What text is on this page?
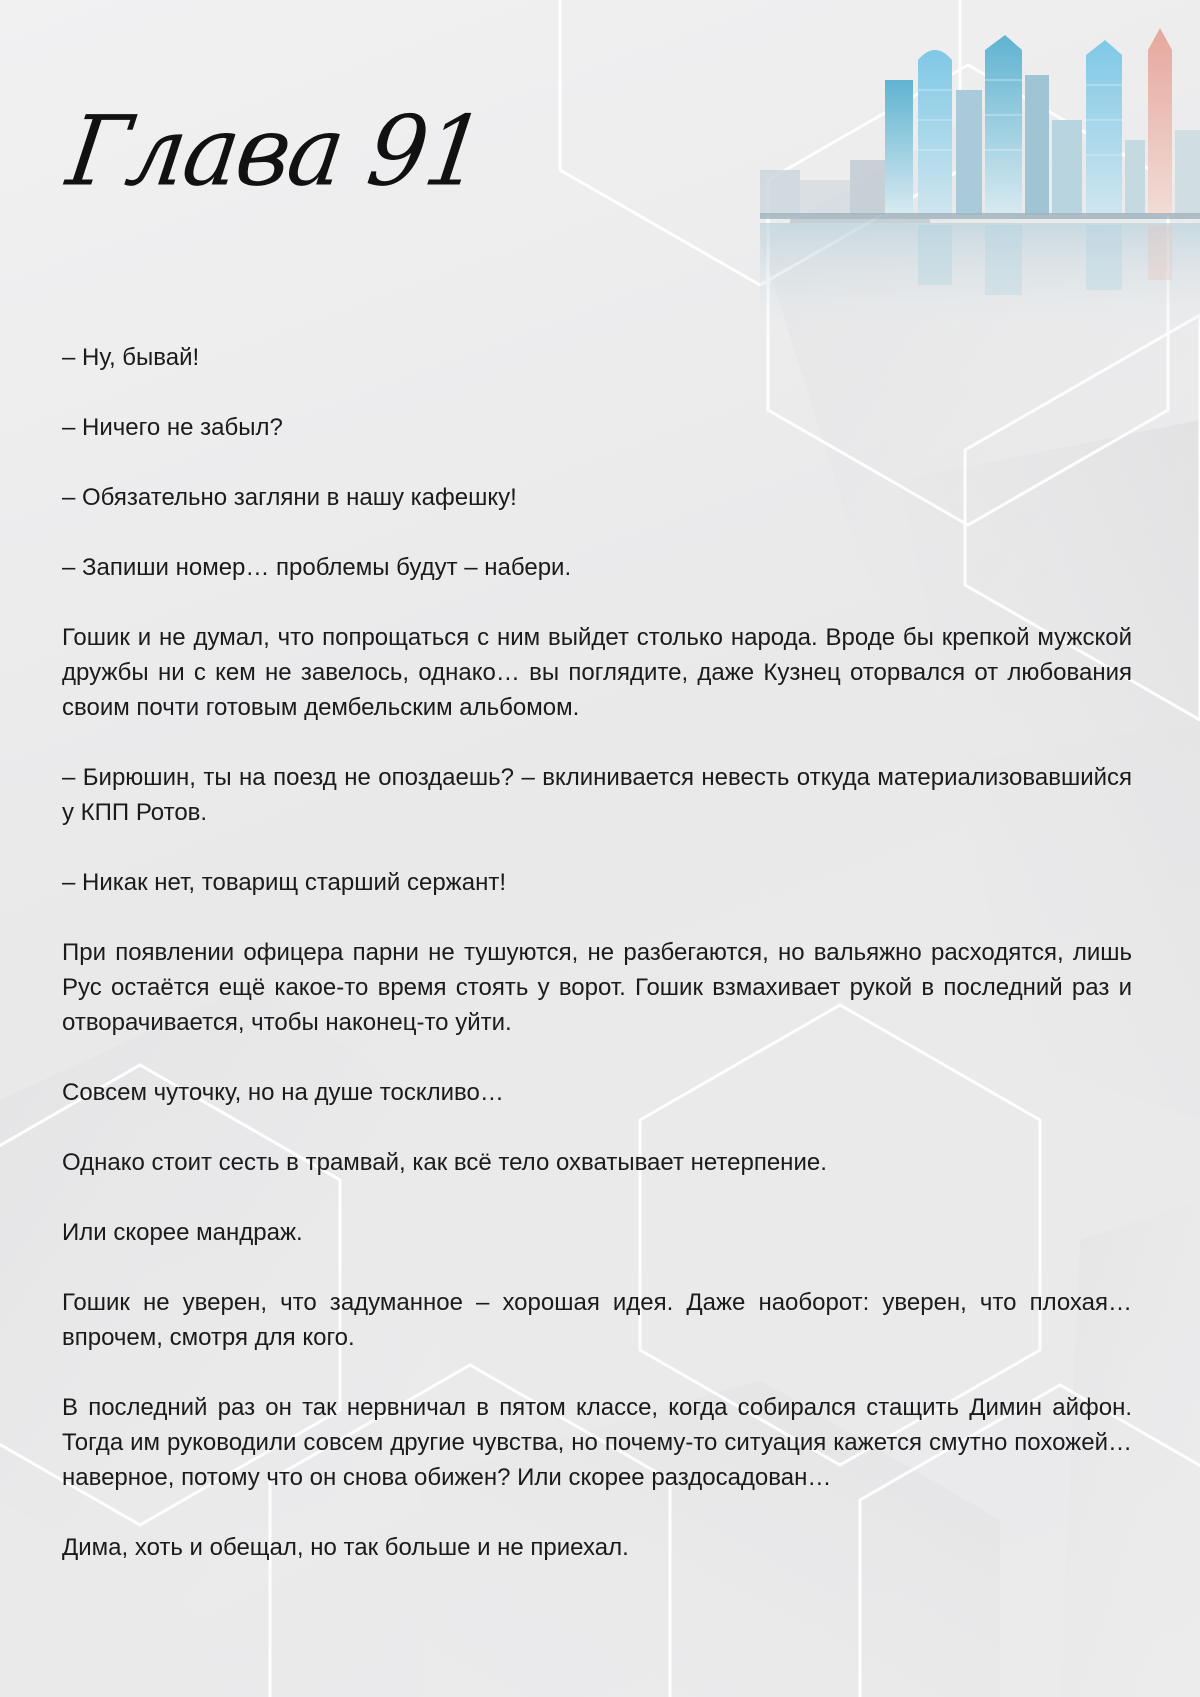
Глава 91

– Ну, бывай!

– Ничего не забыл?

– Обязательно загляни в нашу кафешку!

– Запиши номер… проблемы будут – набери.

Гошик и не думал, что попрощаться с ним выйдет столько народа. Вроде бы крепкой мужской дружбы ни с кем не завелось, однако… вы поглядите, даже Кузнец оторвался от любования своим почти готовым дембельским альбомом.

– Бирюшин, ты на поезд не опоздаешь? – вклинивается невесть откуда материализовавшийся у КПП Ротов.

– Никак нет, товарищ старший сержант!

При появлении офицера парни не тушуются, не разбегаются, но вальяжно расходятся, лишь Рус остаётся ещё какое-то время стоять у ворот. Гошик взмахивает рукой в последний раз и отворачивается, чтобы наконец-то уйти.

Совсем чуточку, но на душе тоскливо…

Однако стоит сесть в трамвай, как всё тело охватывает нетерпение.

Или скорее мандраж.

Гошик не уверен, что задуманное – хорошая идея. Даже наоборот: уверен, что плохая… впрочем, смотря для кого.

В последний раз он так нервничал в пятом классе, когда собирался стащить Димин айфон. Тогда им руководили совсем другие чувства, но почему-то ситуация кажется смутно похожей… наверное, потому что он снова обижен? Или скорее раздосадован…

Дима, хоть и обещал, но так больше и не приехал.
